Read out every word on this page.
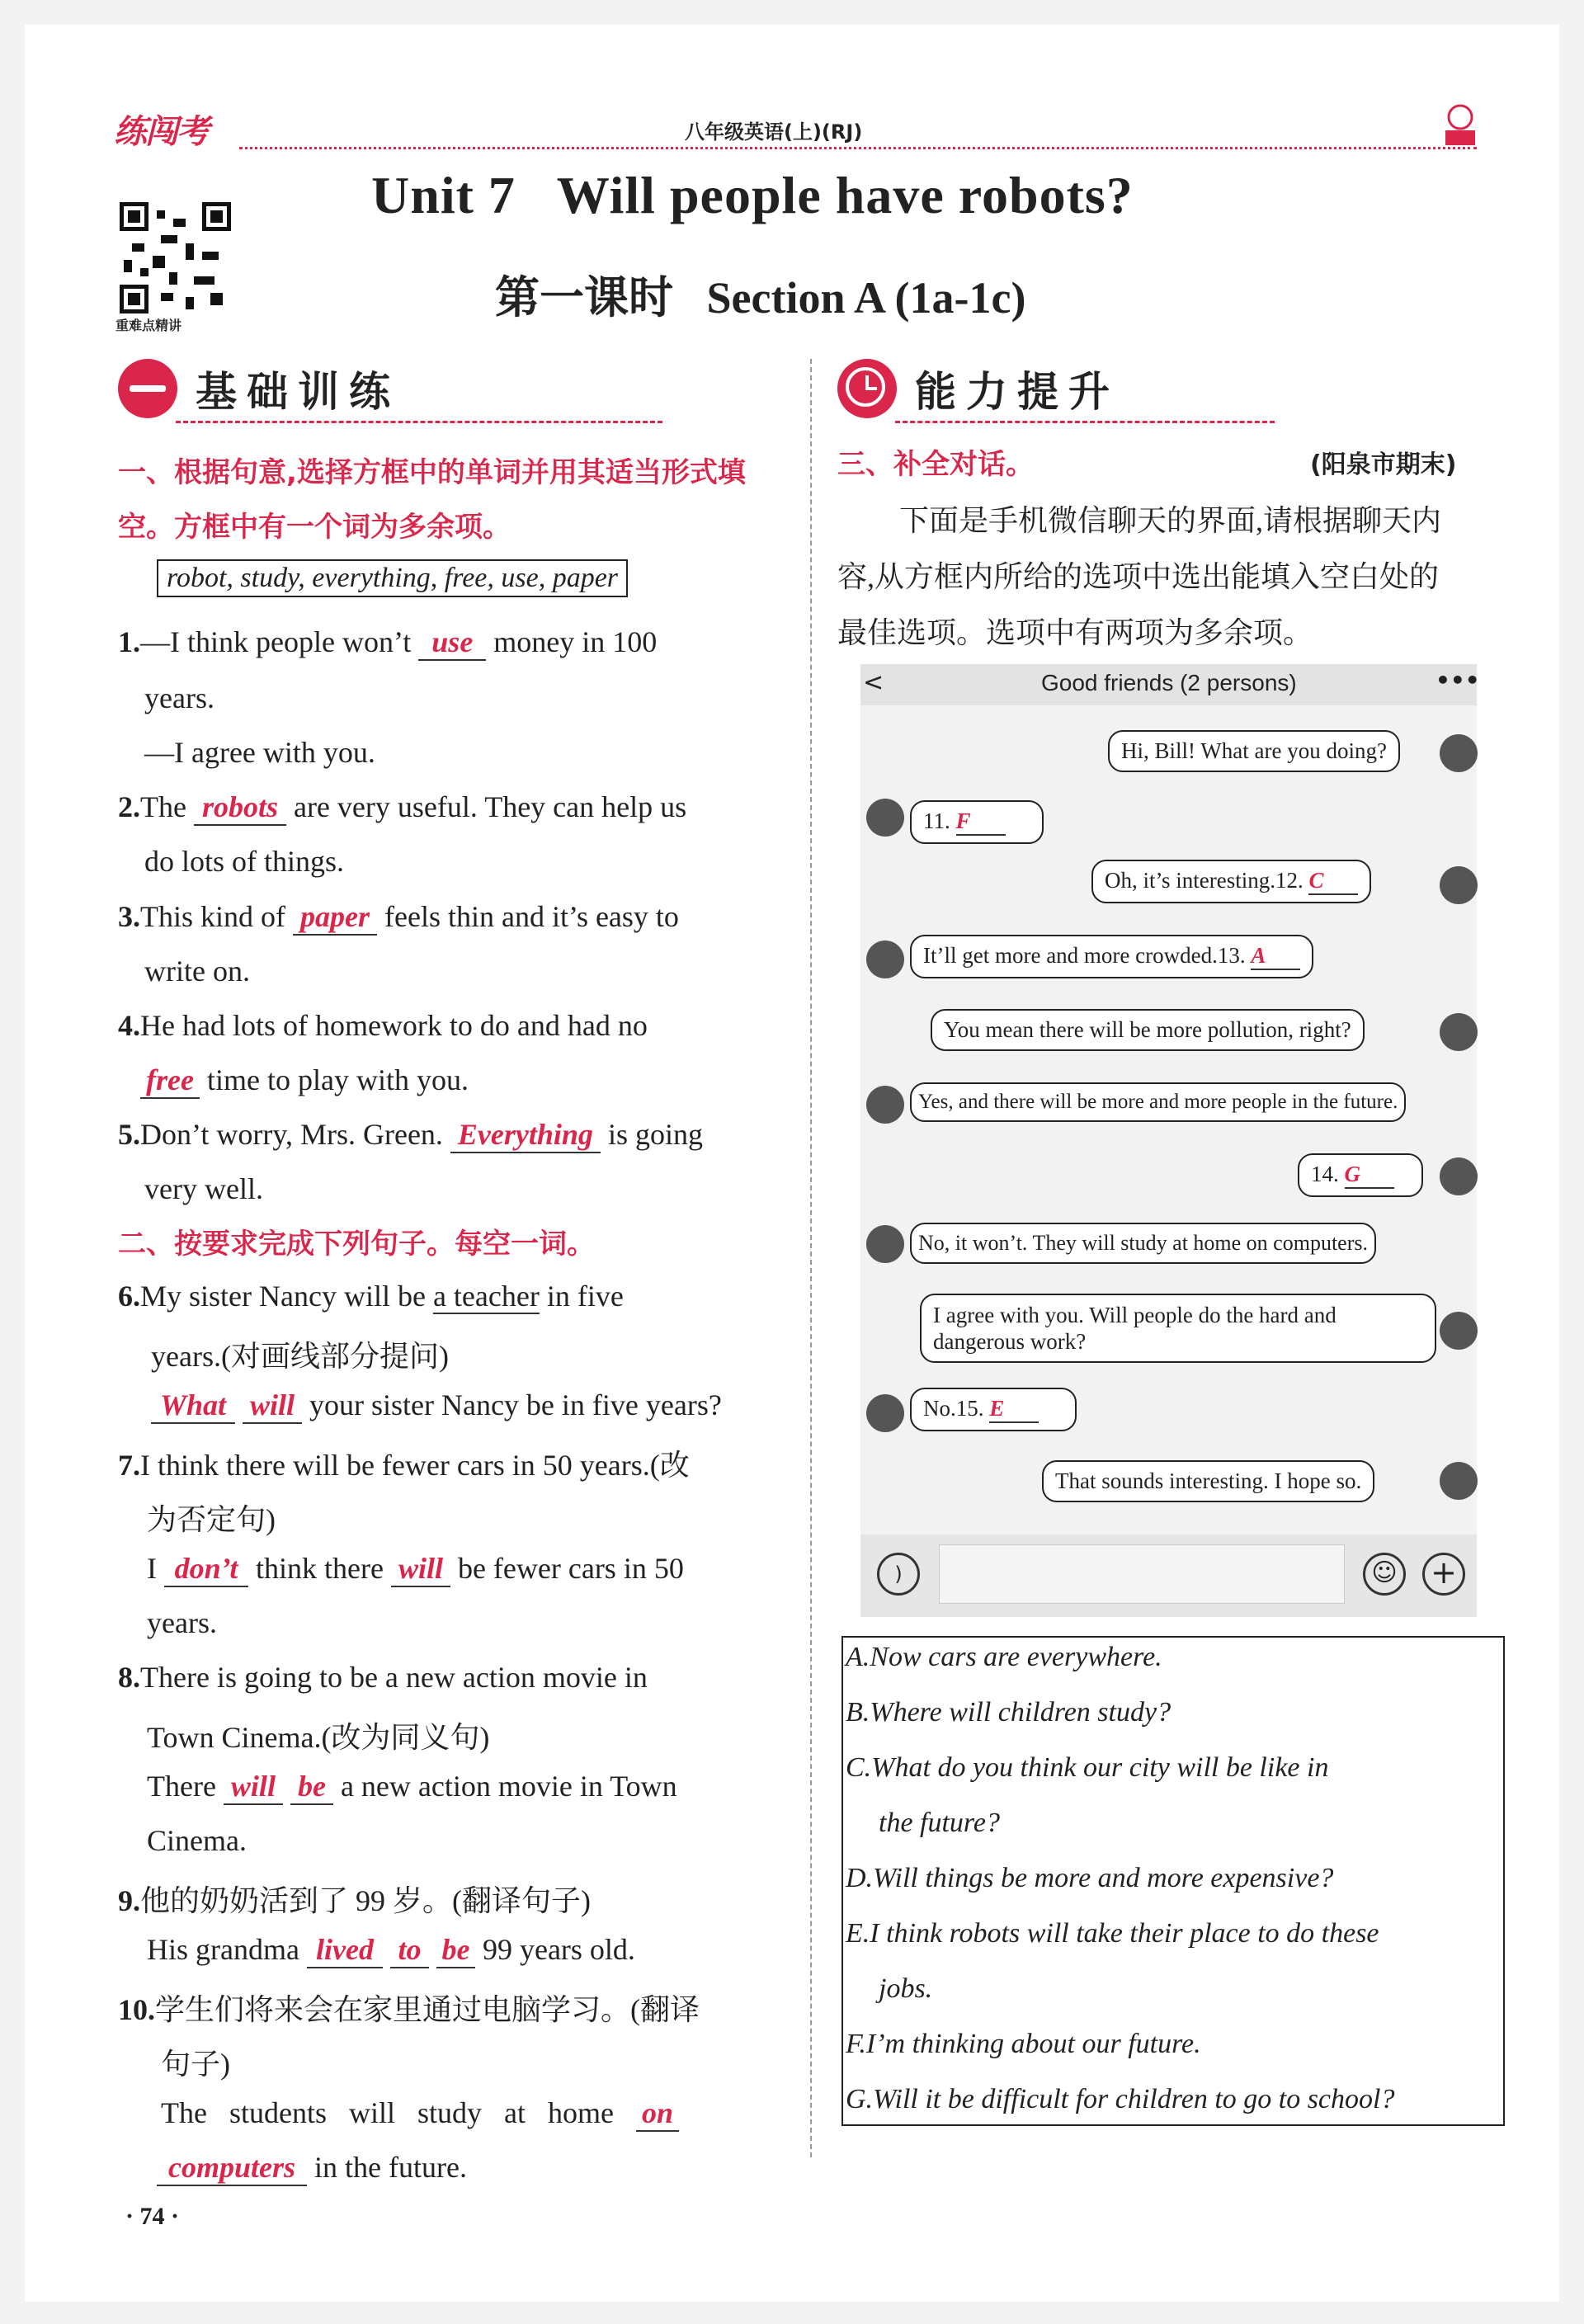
练闯考	八年级英语(上)(RJ)
重难点精讲
Unit 7   Will people have robots?
第一课时   Section A (1a-1c)
基础训练	能力提升
一、根据句意,选择方框中的单词并用其适当形式填空。方框中有一个词为多余项。
robot, study, everything, free, use, paper
1.—I think people won’t use money in 100
years.
—I agree with you.
2.The robots are very useful. They can help us
do lots of things.
3.This kind of paper feels thin and it’s easy to
write on.
4.He had lots of homework to do and had no
free time to play with you.
5.Don’t worry, Mrs. Green. Everything is going
very well.
二、按要求完成下列句子。每空一词。
6.My sister Nancy will be a teacher in five
years.(对画线部分提问)
What will your sister Nancy be in five years?
7.I think there will be fewer cars in 50 years.(改
为否定句)
I don’t think there will be fewer cars in 50
years.
8.There is going to be a new action movie in
Town Cinema.(改为同义句)
There will be a new action movie in Town
Cinema.
9.他的奶奶活到了 99 岁。(翻译句子)
His grandma lived to be 99 years old.
10.学生们将来会在家里通过电脑学习。(翻译
句子)
The students will study at home on
computers in the future.
三、补全对话。	(阳泉市期末)
下面是手机微信聊天的界面,请根据聊天内
容,从方框内所给的选项中选出能填入空白处的
最佳选项。选项中有两项为多余项。
<	Good friends (2 persons)	•••
Hi, Bill! What are you doing?
11. F
Oh, it’s interesting.12. C
It’ll get more and more crowded.13. A
You mean there will be more pollution, right?
Yes, and there will be more and more people in the future.
14. G
No, it won’t. They will study at home on computers.
I agree with you. Will people do the hard and
dangerous work?
No.15. E
That sounds interesting. I hope so.
)	☺ +
A.Now cars are everywhere.
B.Where will children study?
C.What do you think our city will be like in
the future?
D.Will things be more and more expensive?
E.I think robots will take their place to do these
jobs.
F.I’m thinking about our future.
G.Will it be difficult for children to go to school?
· 74 ·
